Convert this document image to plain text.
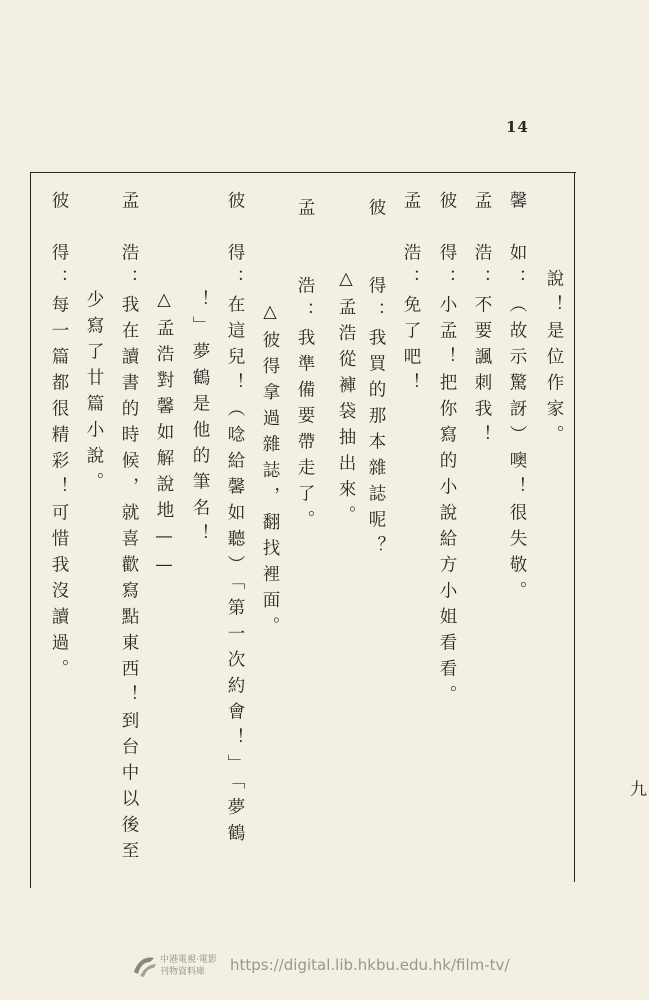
14
　　　說！是位作家。
馨　如：（故示驚訝）噢！很失敬。
孟　浩：不要諷刺我！
彼　得：小孟！把你寫的小說給方小姐看看。
孟　浩：免了吧！
　　　△孟浩從褲袋抽出來。 彼　　得：我買的那本雜誌呢？
孟　　浩：我準備要帶走了。
　　△彼得拿過雜誌，翻找裡面。
彼　得：在這兒！（唸給馨如聽）「第一次約會！」「夢鶴
　　！」夢鶴是他的筆名！
　　△孟浩對馨如解說地——
孟　浩：我在讀書的時候，就喜歡寫點東西！到台中以後至
　　少寫了廿篇小說。
彼　得：每一篇都很精彩！可惜我沒讀過。
九
中港電視·電影
刊物資料庫	https://digital.lib.hkbu.edu.hk/film-tv/
